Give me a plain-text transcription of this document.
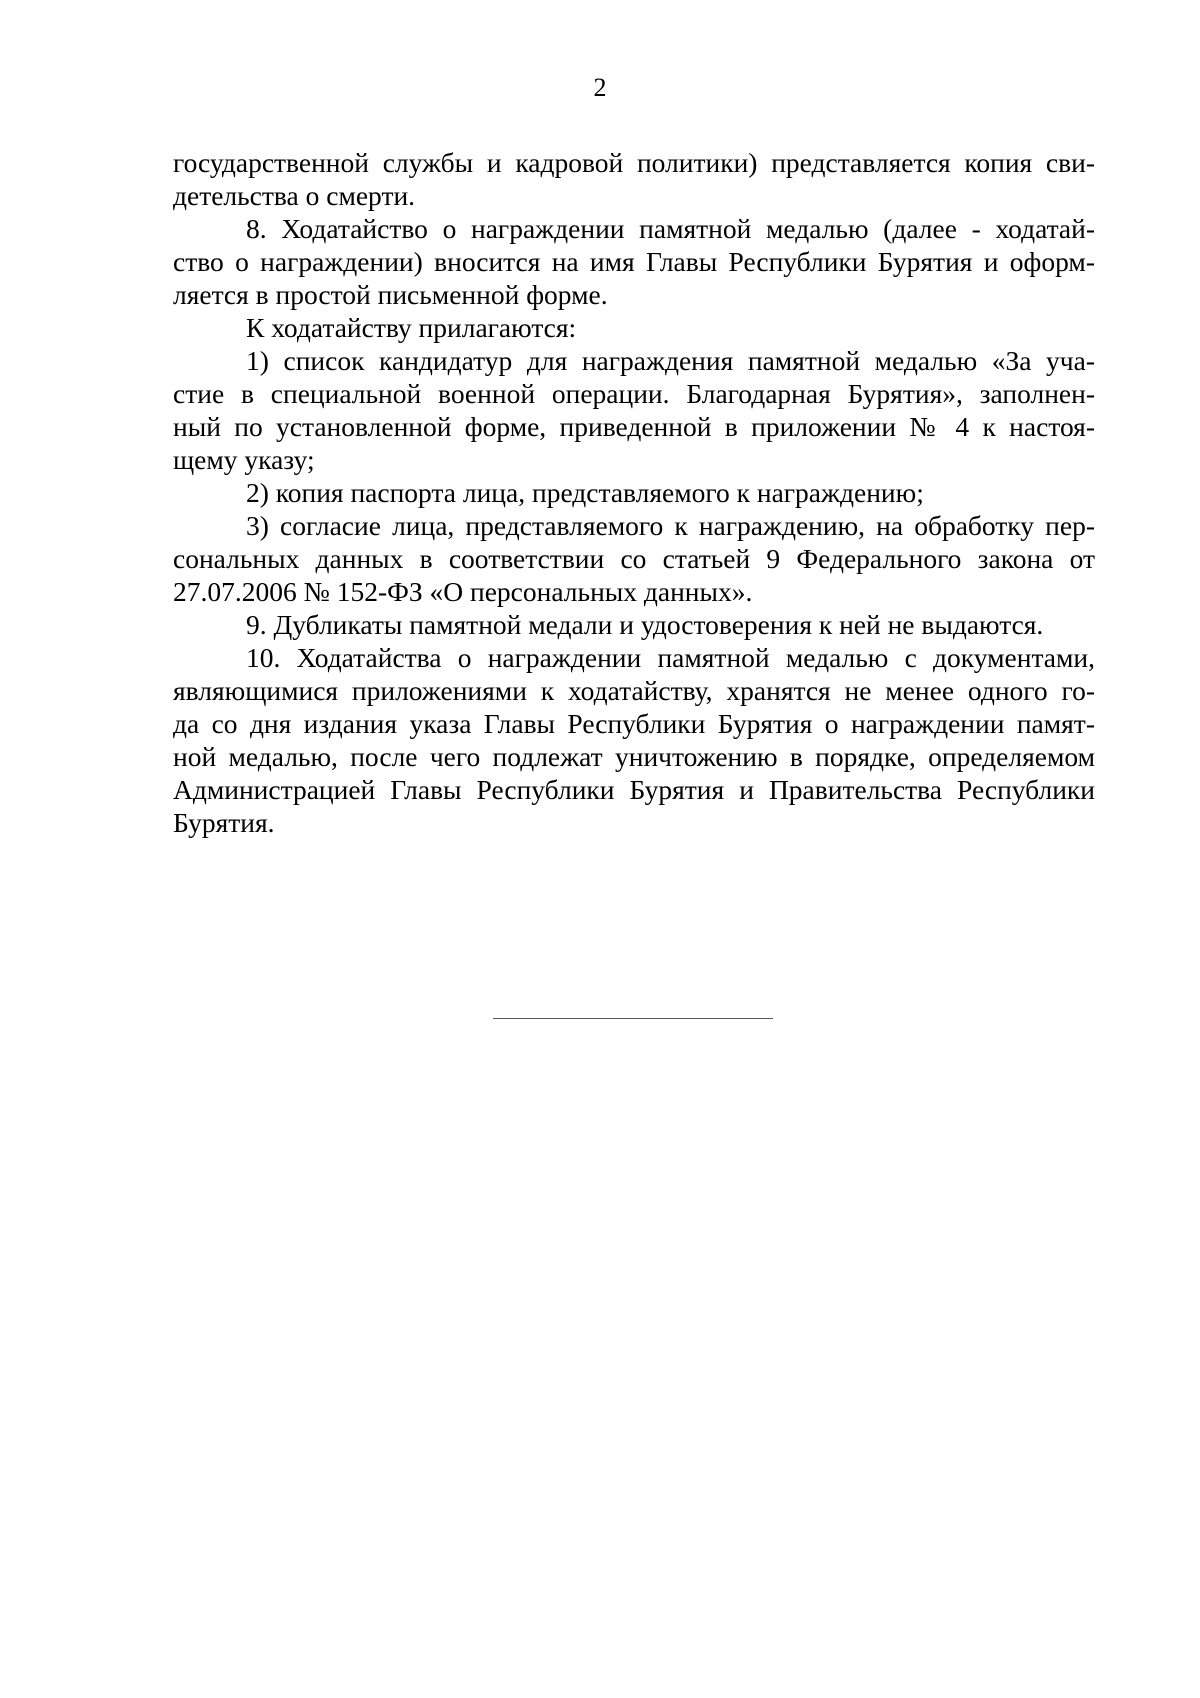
2
государственной службы и кадровой политики) представляется копия сви-
детельства о смерти.
8. Ходатайство о награждении памятной медалью (далее - ходатай-
ство о награждении) вносится на имя Главы Республики Бурятия и оформ-
ляется в простой письменной форме.
К ходатайству прилагаются:
1) список кандидатур для награждения памятной медалью «За уча-
стие в специальной военной операции. Благодарная Бурятия», заполнен-
ный по установленной форме, приведенной в приложении № 4 к настоя-
щему указу;
2) копия паспорта лица, представляемого к награждению;
3) согласие лица, представляемого к награждению, на обработку пер-
сональных данных в соответствии со статьей 9 Федерального закона от
27.07.2006 № 152-ФЗ «О персональных данных».
9. Дубликаты памятной медали и удостоверения к ней не выдаются.
10. Ходатайства о награждении памятной медалью с документами,
являющимися приложениями к ходатайству, хранятся не менее одного го-
да со дня издания указа Главы Республики Бурятия о награждении памят-
ной медалью, после чего подлежат уничтожению в порядке, определяемом
Администрацией Главы Республики Бурятия и Правительства Республики
Бурятия.
